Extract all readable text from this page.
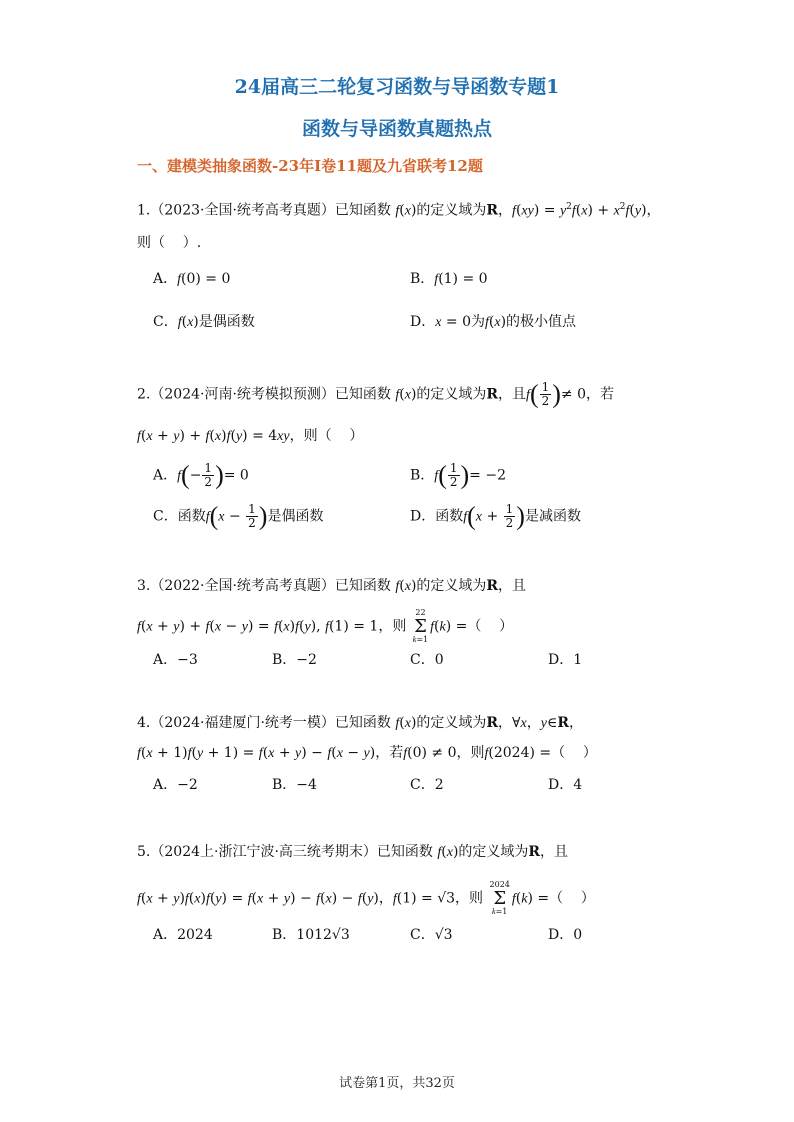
24届高三二轮复习函数与导函数专题1
函数与导函数真题热点
一、建模类抽象函数-23年I卷11题及九省联考12题
1.（2023·全国·统考高考真题）已知函数 f(x)的定义域为R，$f(xy) = y^2f(x) + x^2f(y)$，
则（    ）.
A．f(0) = 0	B．f(1) = 0
C．f(x)是偶函数	D．x = 0为f(x)的极小值点
2.（2024·河南·统考模拟预测）已知函数 f(x)的定义域为R，且$f( \frac{1}{2}$ )≠ 0，若
f(x + y) + f(x)f(y) = 4xy，则（    ）
A．$f(- \frac{1}{2}$ )= 0	B．$f( \frac{1}{2}$ )= −2
C．函数$f(x - \frac{1}{2}$ )是偶函数	D．函数$f(x + \frac{1}{2}$ )是减函数
3.（2022·全国·统考高考真题）已知函数 f(x)的定义域为R，且
f(x + y) + f(x − y) = f(x)f(y), f(1) = 1，则
22
Σ
k=1
f(k) =（    ）
A．−3	B．−2	C．0	D．1
4.（2024·福建厦门·统考一模）已知函数 f(x)的定义域为R，∀x，y∈R，
f(x + 1)f(y + 1) = f(x + y) − f(x − y)，若f(0) ≠ 0，则f(2024) =（    ）
A．−2	B．−4	C．2	D．4
5.（2024上·浙江宁波·高三统考期末）已知函数 f(x)的定义域为R，且
f(x + y)f(x)f(y) = f(x + y) − f(x) − f(y)，f(1) = √3，则
2024
Σ
k=1
f(k) =（    ）
A．2024	B．1012√3	C．√3	D．0
试卷第1页，共32页
